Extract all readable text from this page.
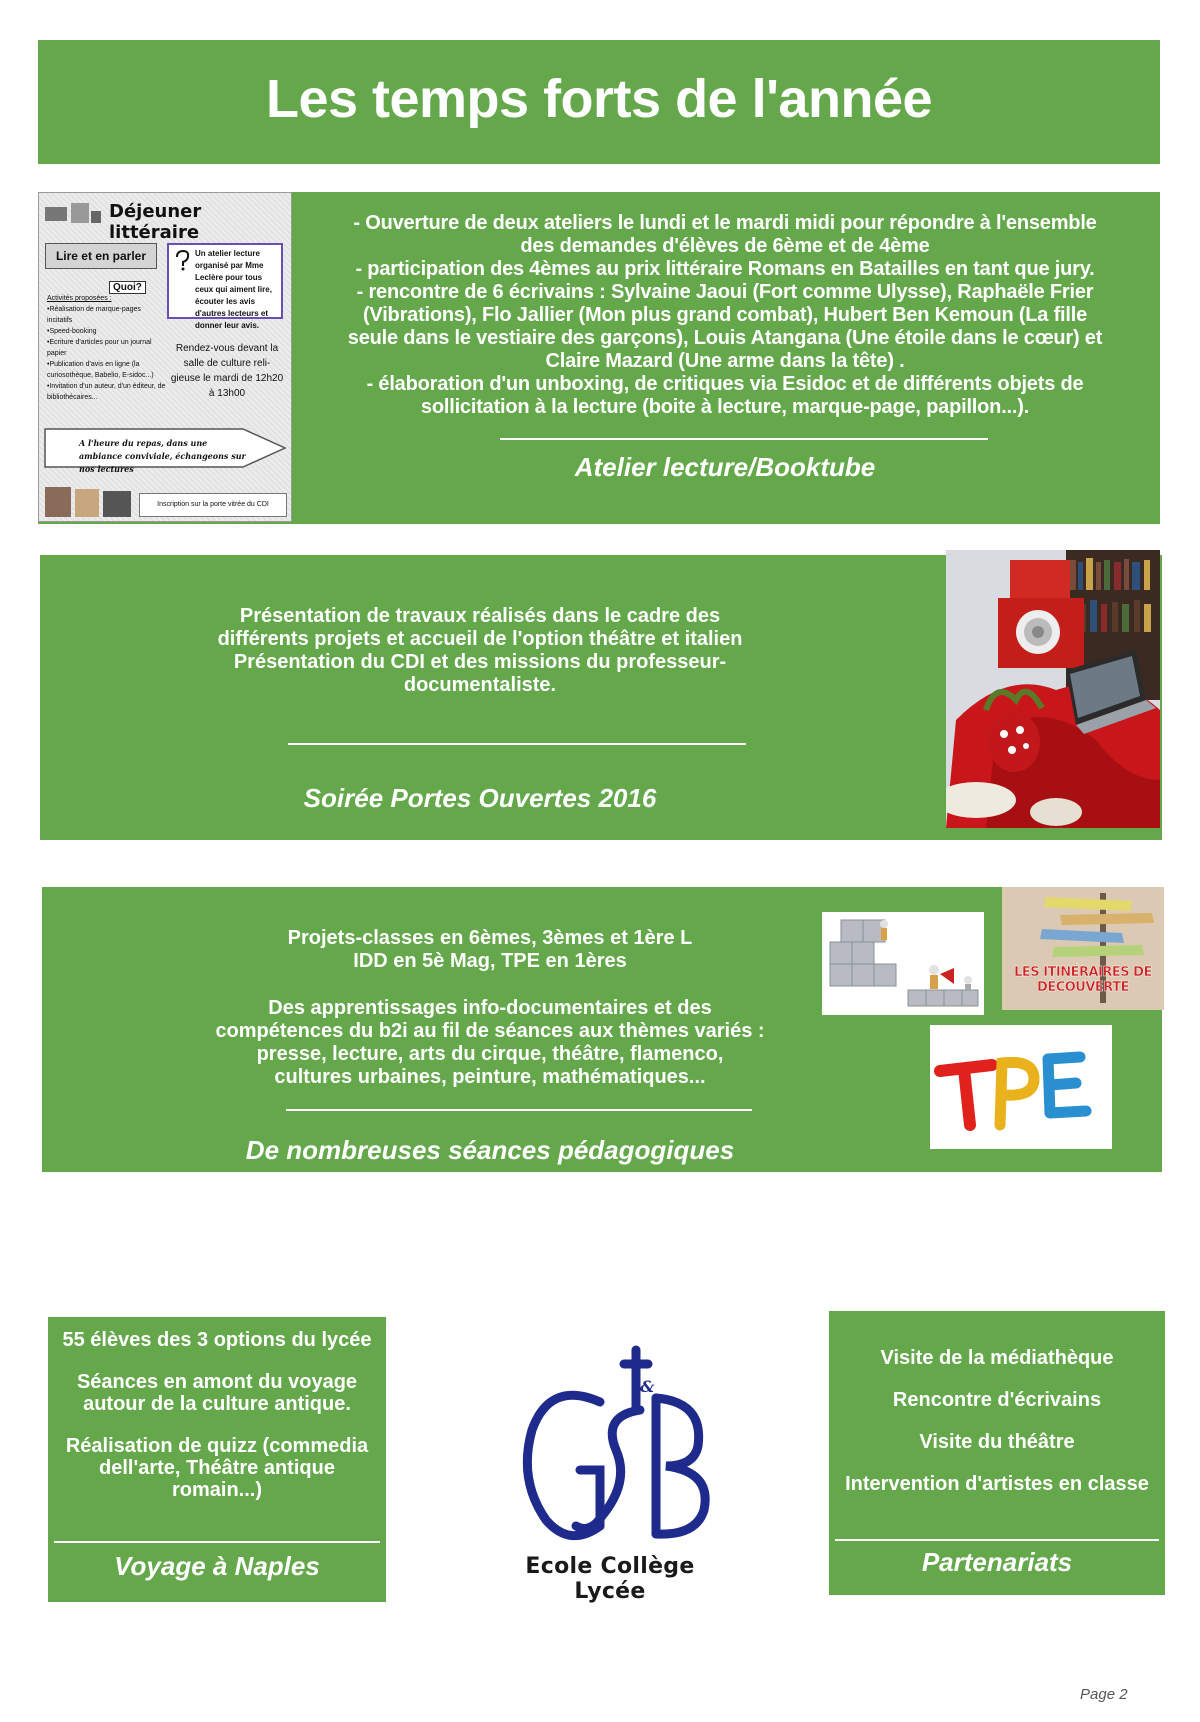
Les temps forts de l'année
Déjeuner littéraire
Lire et en parler
Quoi?
Un atelier lecture organisé par Mme Leclère pour tous ceux qui aiment lire, écouter les avis d'autres lecteurs et donner leur avis.
Activités proposées :
•Réalisation de marque-pages incitatifs
•Speed-booking
•Ecriture d'articles pour un journal papier
•Publication d'avis en ligne (la curiosothèque, Babelio, E-sidoc...)
•Invitation d'un auteur, d'un éditeur, de bibliothécaires...
Rendez-vous devant la salle de culture reli-gieuse le mardi de 12h20 à 13h00
A l'heure du repas, dans une ambiance conviviale, échangeons sur nos lectures
Inscription sur la porte vitrée du CDI
- Ouverture de deux ateliers le lundi et le mardi midi pour répondre à l'ensemble
des demandes d'élèves de 6ème et de 4ème
- participation des 4èmes au prix littéraire Romans en Batailles en tant que jury.
- rencontre de 6 écrivains : Sylvaine Jaoui (Fort comme Ulysse), Raphaële Frier
(Vibrations), Flo Jallier (Mon plus grand combat), Hubert Ben Kemoun (La fille
seule dans le vestiaire des garçons), Louis Atangana (Une étoile dans le cœur) et
Claire Mazard (Une arme dans la tête) .
- élaboration d'un unboxing, de critiques via Esidoc et de différents objets de
sollicitation à la lecture (boite à lecture, marque-page, papillon...).
Atelier lecture/Booktube
Présentation de travaux réalisés dans le cadre des
différents projets et accueil de l'option théâtre et italien
Présentation du CDI et des missions du professeur-
documentaliste.
Soirée Portes Ouvertes 2016

Projets-classes en 6èmes, 3èmes et 1ère L
IDD en 5è Mag, TPE en 1ères

Des apprentissages info-documentaires et des
compétences du b2i au fil de séances aux thèmes variés :
presse, lecture, arts du cirque, théâtre, flamenco,
cultures urbaines, peinture, mathématiques...

De nombreuses séances pédagogiques
LES ITINÉRAIRES DE DÉCOUVERTE

55 élèves des 3 options du lycée

Séances en amont du voyage
autour de la culture antique.

Réalisation de quizz (commedia
dell'arte, Théâtre antique
romain...)

Voyage à Naples
&
Ecole Collège Lycée
Visite de la médiathèque
Rencontre d'écrivains
Visite du théâtre
Intervention d'artistes en classe
Partenariats
Page 2
